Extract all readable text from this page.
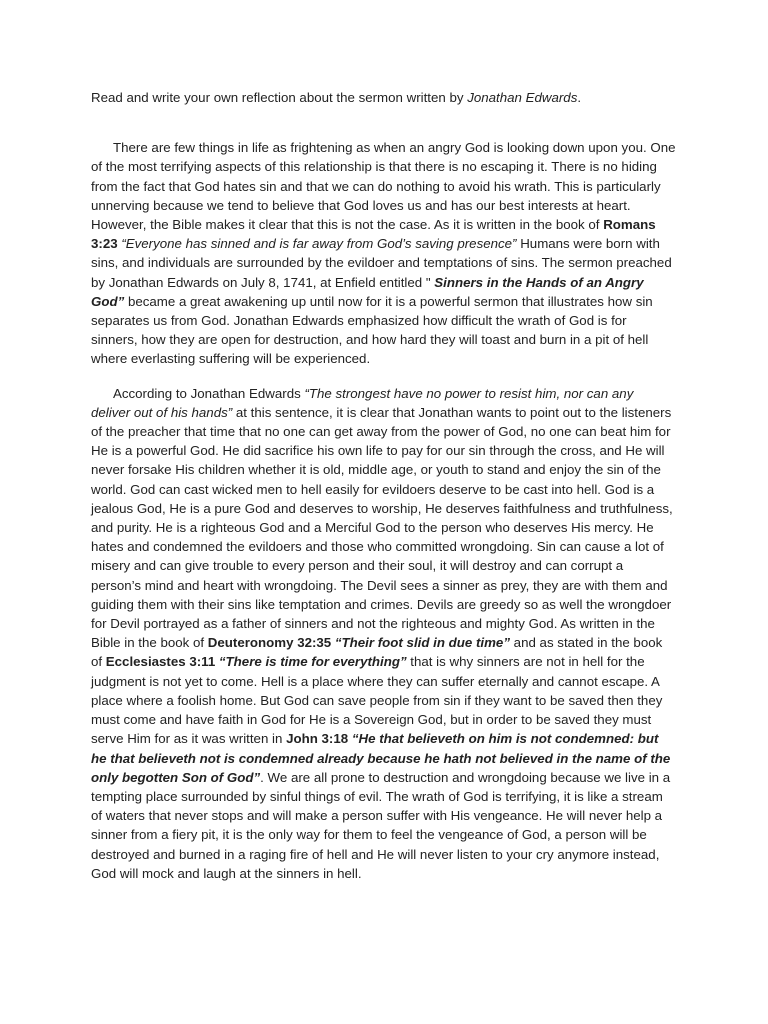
Read and write your own reflection about the sermon written by Jonathan Edwards.

There are few things in life as frightening as when an angry God is looking down upon you. One of the most terrifying aspects of this relationship is that there is no escaping it. There is no hiding from the fact that God hates sin and that we can do nothing to avoid his wrath. This is particularly unnerving because we tend to believe that God loves us and has our best interests at heart. However, the Bible makes it clear that this is not the case. As it is written in the book of Romans 3:23 “Everyone has sinned and is far away from God’s saving presence” Humans were born with sins, and individuals are surrounded by the evildoer and temptations of sins. The sermon preached by Jonathan Edwards on July 8, 1741, at Enfield entitled " Sinners in the Hands of an Angry God” became a great awakening up until now for it is a powerful sermon that illustrates how sin separates us from God. Jonathan Edwards emphasized how difficult the wrath of God is for sinners, how they are open for destruction, and how hard they will toast and burn in a pit of hell where everlasting suffering will be experienced.

According to Jonathan Edwards “The strongest have no power to resist him, nor can any deliver out of his hands” at this sentence, it is clear that Jonathan wants to point out to the listeners of the preacher that time that no one can get away from the power of God, no one can beat him for He is a powerful God. He did sacrifice his own life to pay for our sin through the cross, and He will never forsake His children whether it is old, middle age, or youth to stand and enjoy the sin of the world. God can cast wicked men to hell easily for evildoers deserve to be cast into hell. God is a jealous God, He is a pure God and deserves to worship, He deserves faithfulness and truthfulness, and purity. He is a righteous God and a Merciful God to the person who deserves His mercy. He hates and condemned the evildoers and those who committed wrongdoing. Sin can cause a lot of misery and can give trouble to every person and their soul, it will destroy and can corrupt a person’s mind and heart with wrongdoing. The Devil sees a sinner as prey, they are with them and guiding them with their sins like temptation and crimes. Devils are greedy so as well the wrongdoer for Devil portrayed as a father of sinners and not the righteous and mighty God. As written in the Bible in the book of Deuteronomy 32:35 “Their foot slid in due time” and as stated in the book of Ecclesiastes 3:11 “There is time for everything” that is why sinners are not in hell for the judgment is not yet to come. Hell is a place where they can suffer eternally and cannot escape. A place where a foolish home. But God can save people from sin if they want to be saved then they must come and have faith in God for He is a Sovereign God, but in order to be saved they must serve Him for as it was written in John 3:18 “He that believeth on him is not condemned: but he that believeth not is condemned already because he hath not believed in the name of the only begotten Son of God”. We are all prone to destruction and wrongdoing because we live in a tempting place surrounded by sinful things of evil. The wrath of God is terrifying, it is like a stream of waters that never stops and will make a person suffer with His vengeance. He will never help a sinner from a fiery pit, it is the only way for them to feel the vengeance of God, a person will be destroyed and burned in a raging fire of hell and He will never listen to your cry anymore instead, God will mock and laugh at the sinners in hell.
